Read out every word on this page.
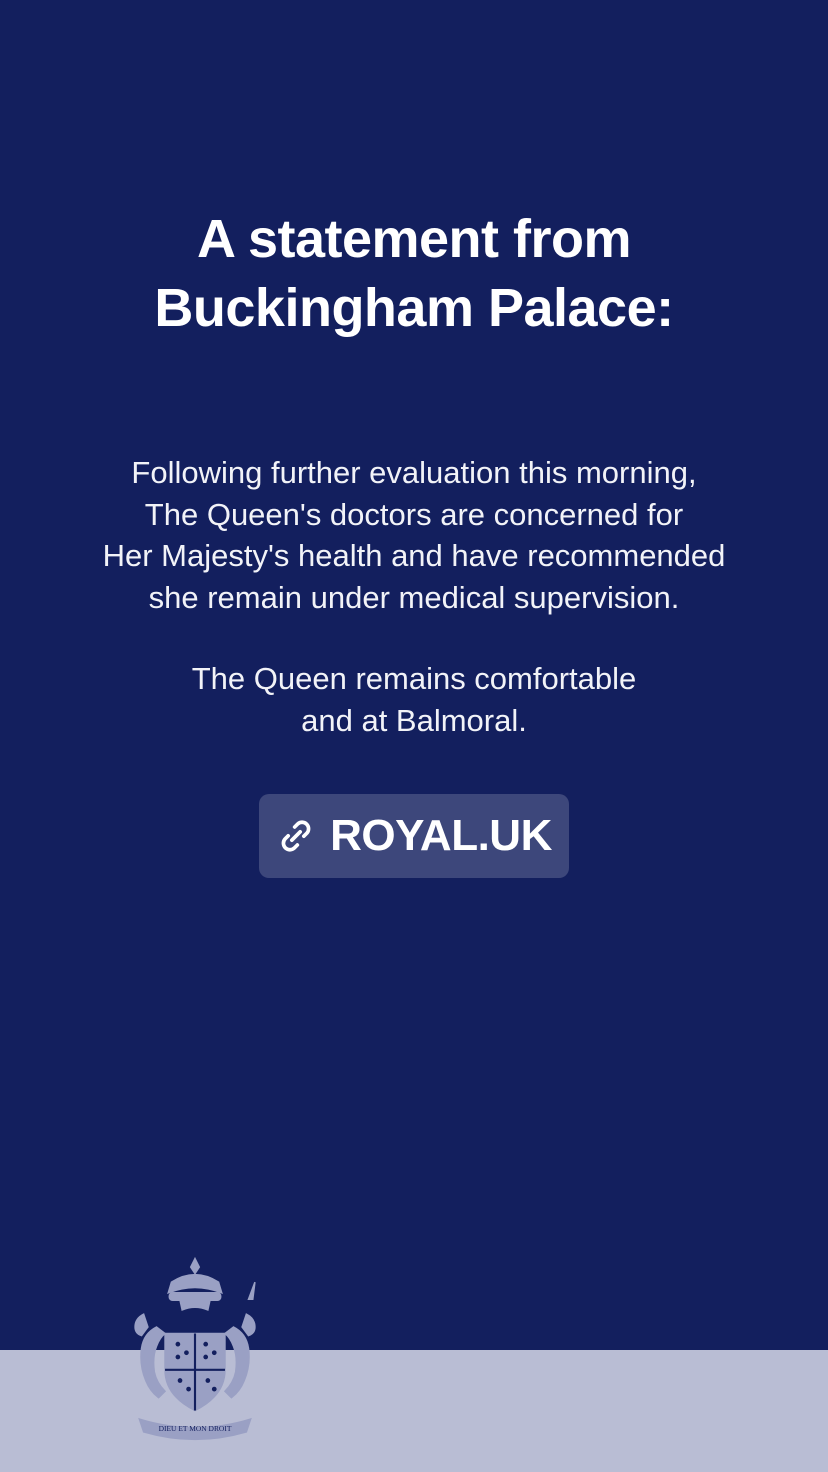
A statement from
Buckingham Palace:
Following further evaluation this morning,
The Queen's doctors are concerned for
Her Majesty's health and have recommended
she remain under medical supervision.
The Queen remains comfortable
and at Balmoral.
ROYAL.UK
DIEU ET MON DROIT
